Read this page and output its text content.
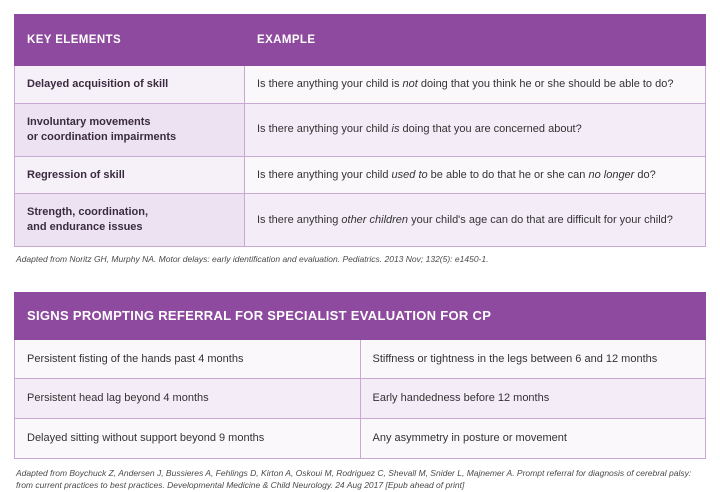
KEY ELEMENTS	EXAMPLE
Delayed acquisition of skill	Is there anything your child is not doing that you think he or she should be able to do?
Involuntary movements
or coordination impairments	Is there anything your child is doing that you are concerned about?
Regression of skill	Is there anything your child used to be able to do that he or she can no longer do?
Strength, coordination,
and endurance issues	Is there anything other children your child's age can do that are difficult for your child?
Adapted from Noritz GH, Murphy NA. Motor delays: early identification and evaluation. Pediatrics. 2013 Nov; 132(5): e1450-1.
SIGNS PROMPTING REFERRAL FOR SPECIALIST EVALUATION FOR CP	
Persistent fisting of the hands past 4 months	Stiffness or tightness in the legs between 6 and 12 months
Persistent head lag beyond 4 months	Early handedness before 12 months
Delayed sitting without support beyond 9 months	Any asymmetry in posture or movement
Adapted from Boychuck Z, Andersen J, Bussieres A, Fehlings D, Kirton A, Oskoui M, Rodriguez C, Shevall M, Snider L, Majnemer A. Prompt referral for diagnosis of cerebral palsy:
from current practices to best practices. Developmental Medicine & Child Neurology. 24 Aug 2017 [Epub ahead of print]
